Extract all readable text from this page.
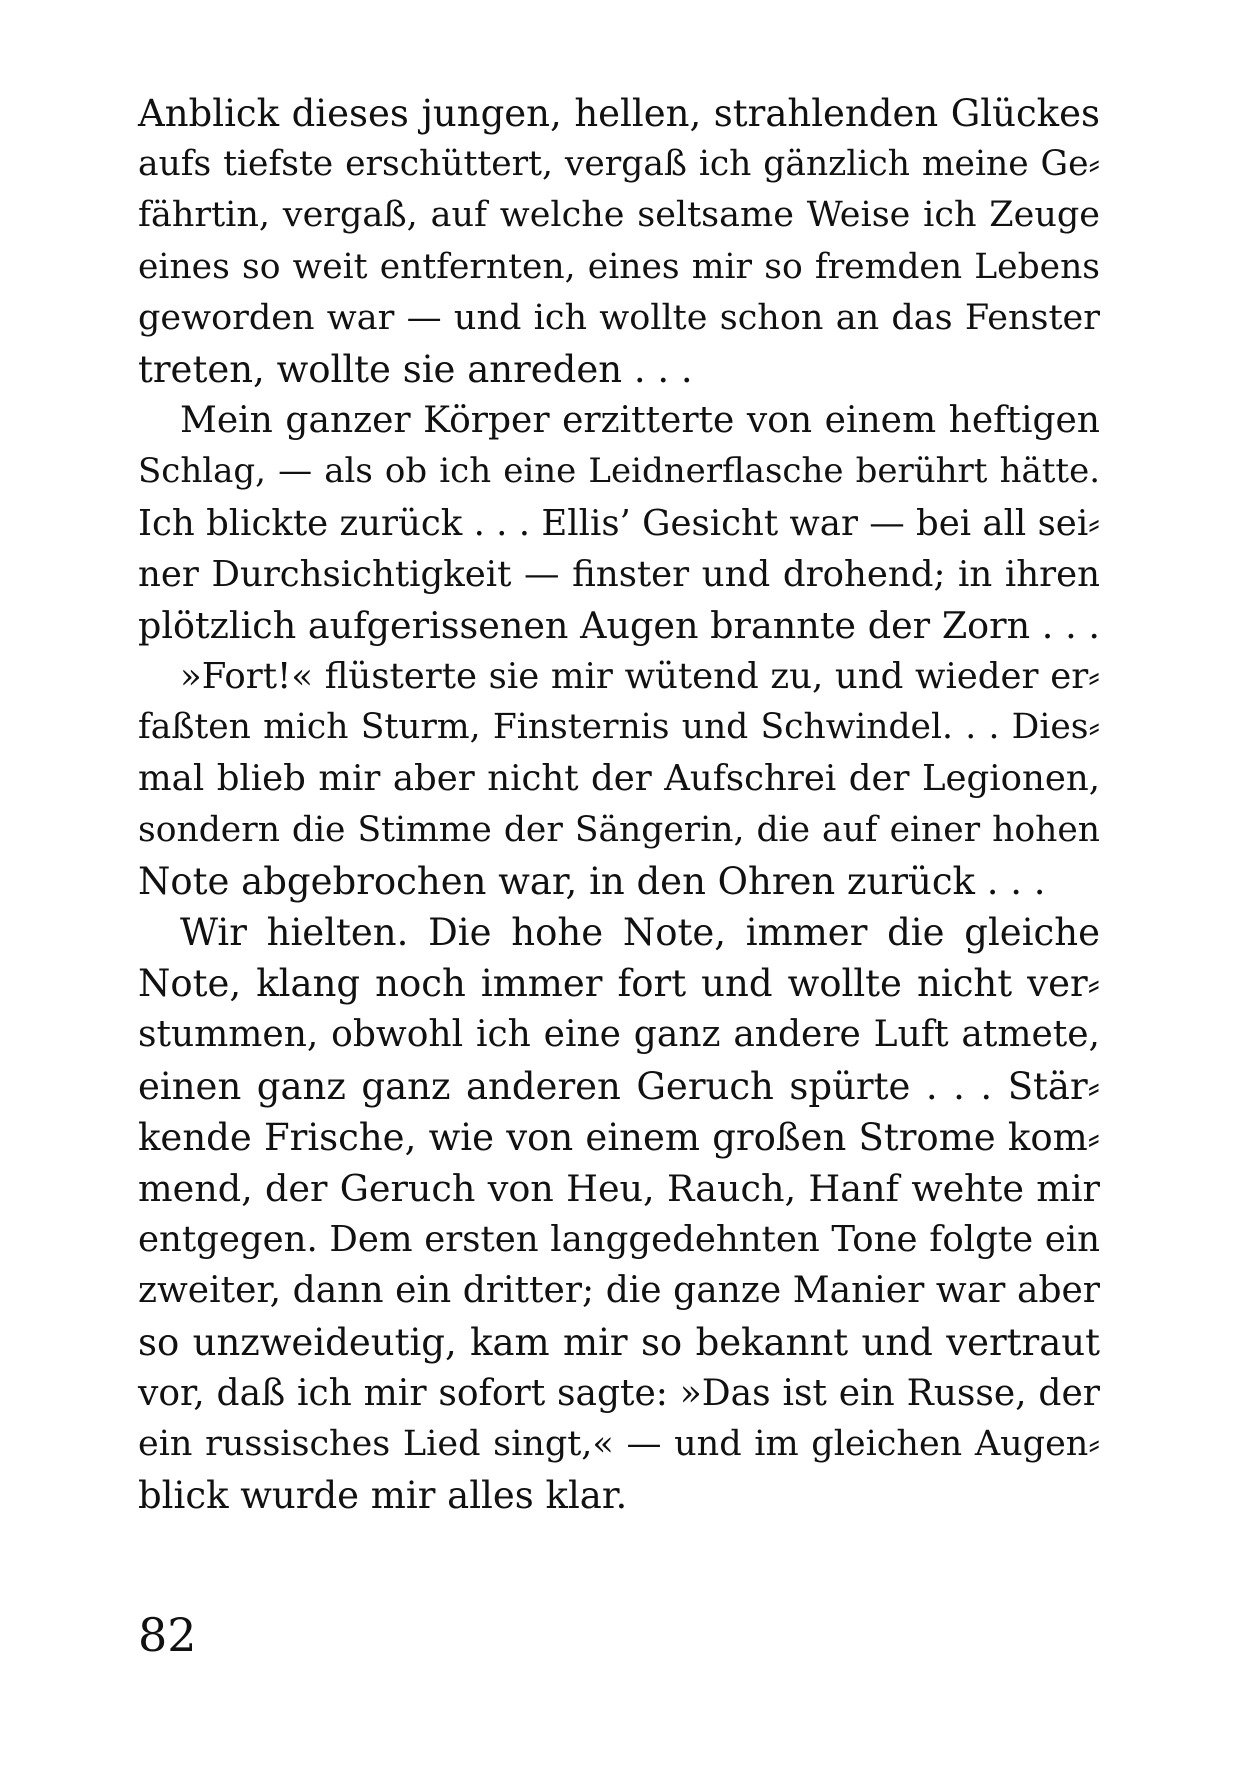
Anblick dieses jungen, hellen, strahlenden Glückes
aufs tiefste erschüttert, vergaß ich gänzlich meine Ge⸗
fährtin, vergaß, auf welche seltsame Weise ich Zeuge
eines so weit entfernten, eines mir so fremden Lebens
geworden war — und ich wollte schon an das Fenster
treten, wollte sie anreden . . .
Mein ganzer Körper erzitterte von einem heftigen
Schlag, — als ob ich eine Leidnerflasche berührt hätte.
Ich blickte zurück . . . Ellis’ Gesicht war — bei all sei⸗
ner Durchsichtigkeit — finster und drohend; in ihren
plötzlich aufgerissenen Augen brannte der Zorn . . .
»Fort!« flüsterte sie mir wütend zu, und wieder er⸗
faßten mich Sturm, Finsternis und Schwindel. . . Dies⸗
mal blieb mir aber nicht der Aufschrei der Legionen,
sondern die Stimme der Sängerin, die auf einer hohen
Note abgebrochen war, in den Ohren zurück . . .
Wir hielten. Die hohe Note, immer die gleiche
Note, klang noch immer fort und wollte nicht ver⸗
stummen, obwohl ich eine ganz andere Luft atmete,
einen ganz ganz anderen Geruch spürte . . . Stär⸗
kende Frische, wie von einem großen Strome kom⸗
mend, der Geruch von Heu, Rauch, Hanf wehte mir
entgegen. Dem ersten langgedehnten Tone folgte ein
zweiter, dann ein dritter; die ganze Manier war aber
so unzweideutig, kam mir so bekannt und vertraut
vor, daß ich mir sofort sagte: »Das ist ein Russe, der
ein russisches Lied singt,« — und im gleichen Augen⸗
blick wurde mir alles klar.
82
